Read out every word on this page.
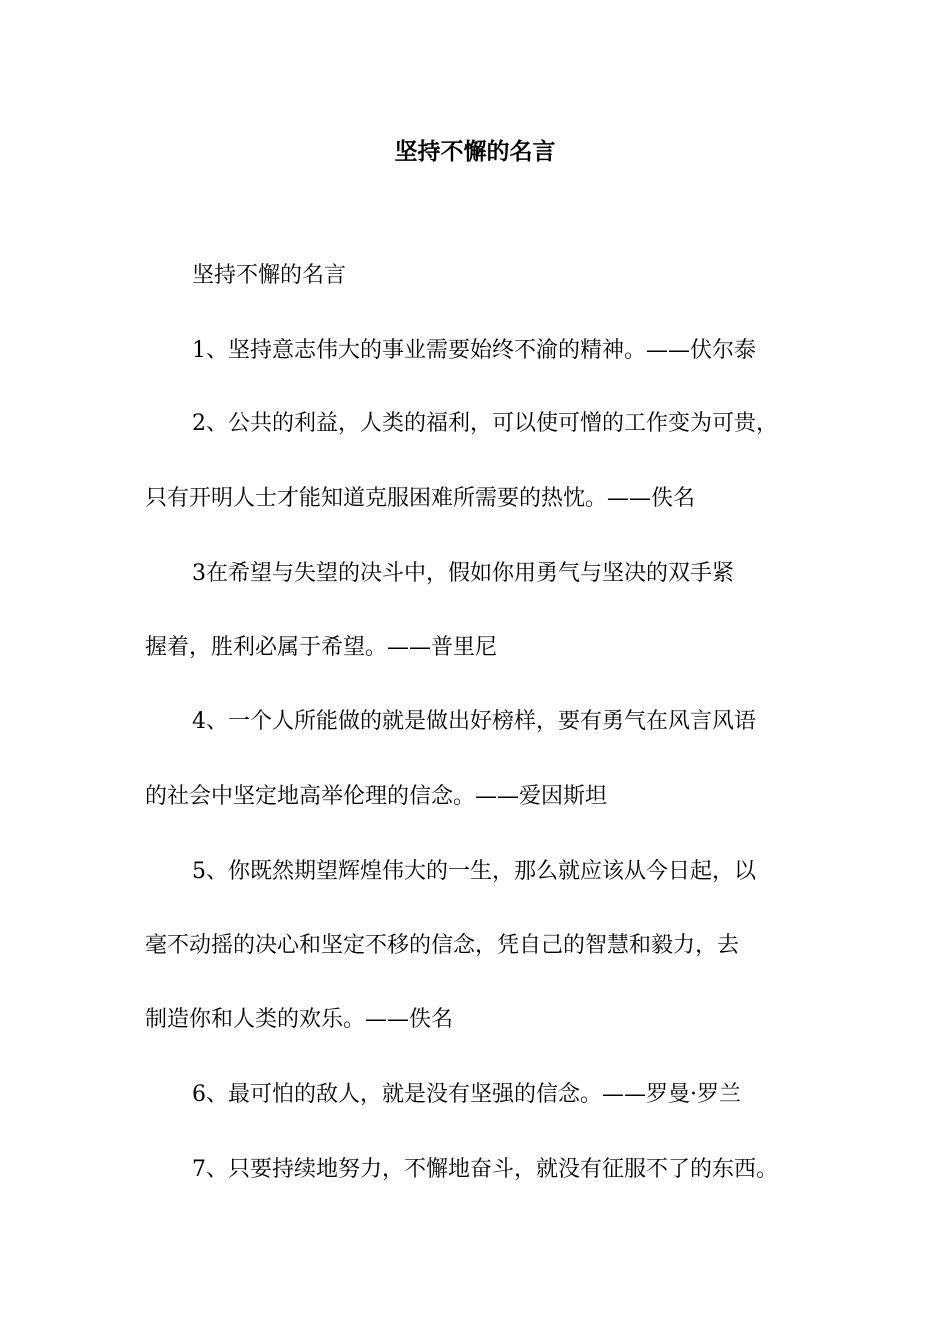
坚持不懈的名言
坚持不懈的名言
1、坚持意志伟大的事业需要始终不渝的精神。——伏尔泰
2、公共的利益，人类的福利，可以使可憎的工作变为可贵，
只有开明人士才能知道克服困难所需要的热忱。——佚名
3在希望与失望的决斗中，假如你用勇气与坚决的双手紧
握着，胜利必属于希望。——普里尼
4、一个人所能做的就是做出好榜样，要有勇气在风言风语
的社会中坚定地高举伦理的信念。——爱因斯坦
5、你既然期望辉煌伟大的一生，那么就应该从今日起，以
毫不动摇的决心和坚定不移的信念，凭自己的智慧和毅力，去
制造你和人类的欢乐。——佚名
6、最可怕的敌人，就是没有坚强的信念。——罗曼·罗兰
7、只要持续地努力，不懈地奋斗，就没有征服不了的东西。
